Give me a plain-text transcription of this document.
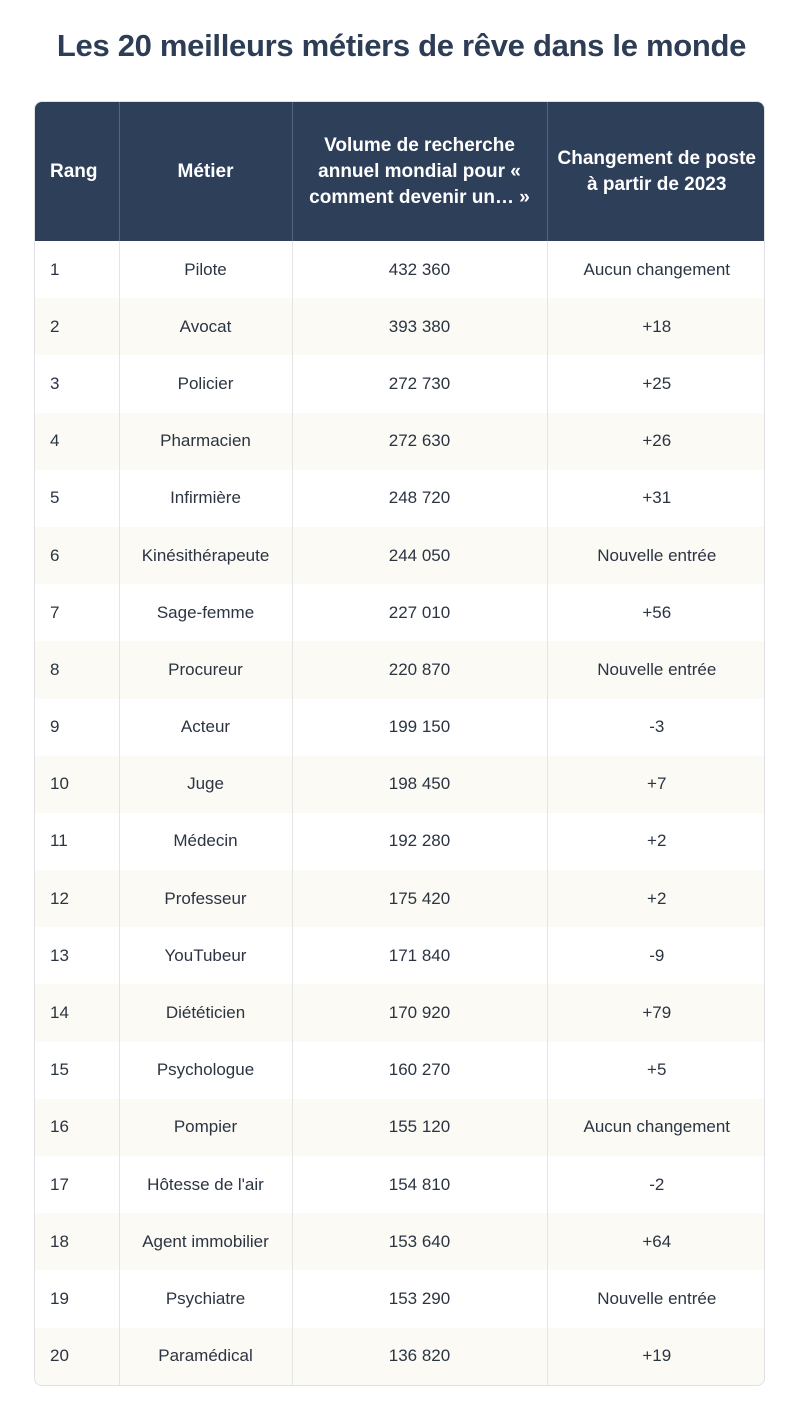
Les 20 meilleurs métiers de rêve dans le monde
Rang	Métier	Volume de recherche annuel mondial pour « comment devenir un… »	Changement de poste à partir de 2023
1	Pilote	432 360	Aucun changement
2	Avocat	393 380	+18
3	Policier	272 730	+25
4	Pharmacien	272 630	+26
5	Infirmière	248 720	+31
6	Kinésithérapeute	244 050	Nouvelle entrée
7	Sage-femme	227 010	+56
8	Procureur	220 870	Nouvelle entrée
9	Acteur	199 150	-3
10	Juge	198 450	+7
11	Médecin	192 280	+2
12	Professeur	175 420	+2
13	YouTubeur	171 840	-9
14	Diététicien	170 920	+79
15	Psychologue	160 270	+5
16	Pompier	155 120	Aucun changement
17	Hôtesse de l'air	154 810	-2
18	Agent immobilier	153 640	+64
19	Psychiatre	153 290	Nouvelle entrée
20	Paramédical	136 820	+19
